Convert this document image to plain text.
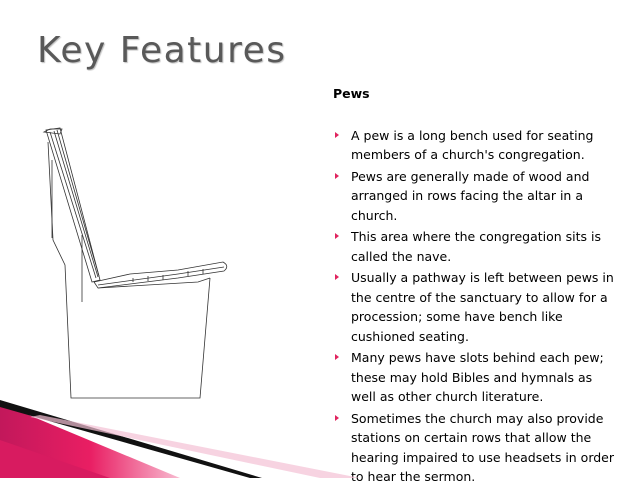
Key Features

Pews

A pew is a long bench used for seating members of a church's congregation.
Pews are generally made of wood and arranged in rows facing the altar in a church.
This area where the congregation sits is called the nave.
Usually a pathway is left between pews in the centre of the sanctuary to allow for a procession; some have bench like cushioned seating.
Many pews have slots behind each pew; these may hold Bibles and hymnals as well as other church literature.
Sometimes the church may also provide stations on certain rows that allow the hearing impaired to use headsets in order to hear the sermon.
